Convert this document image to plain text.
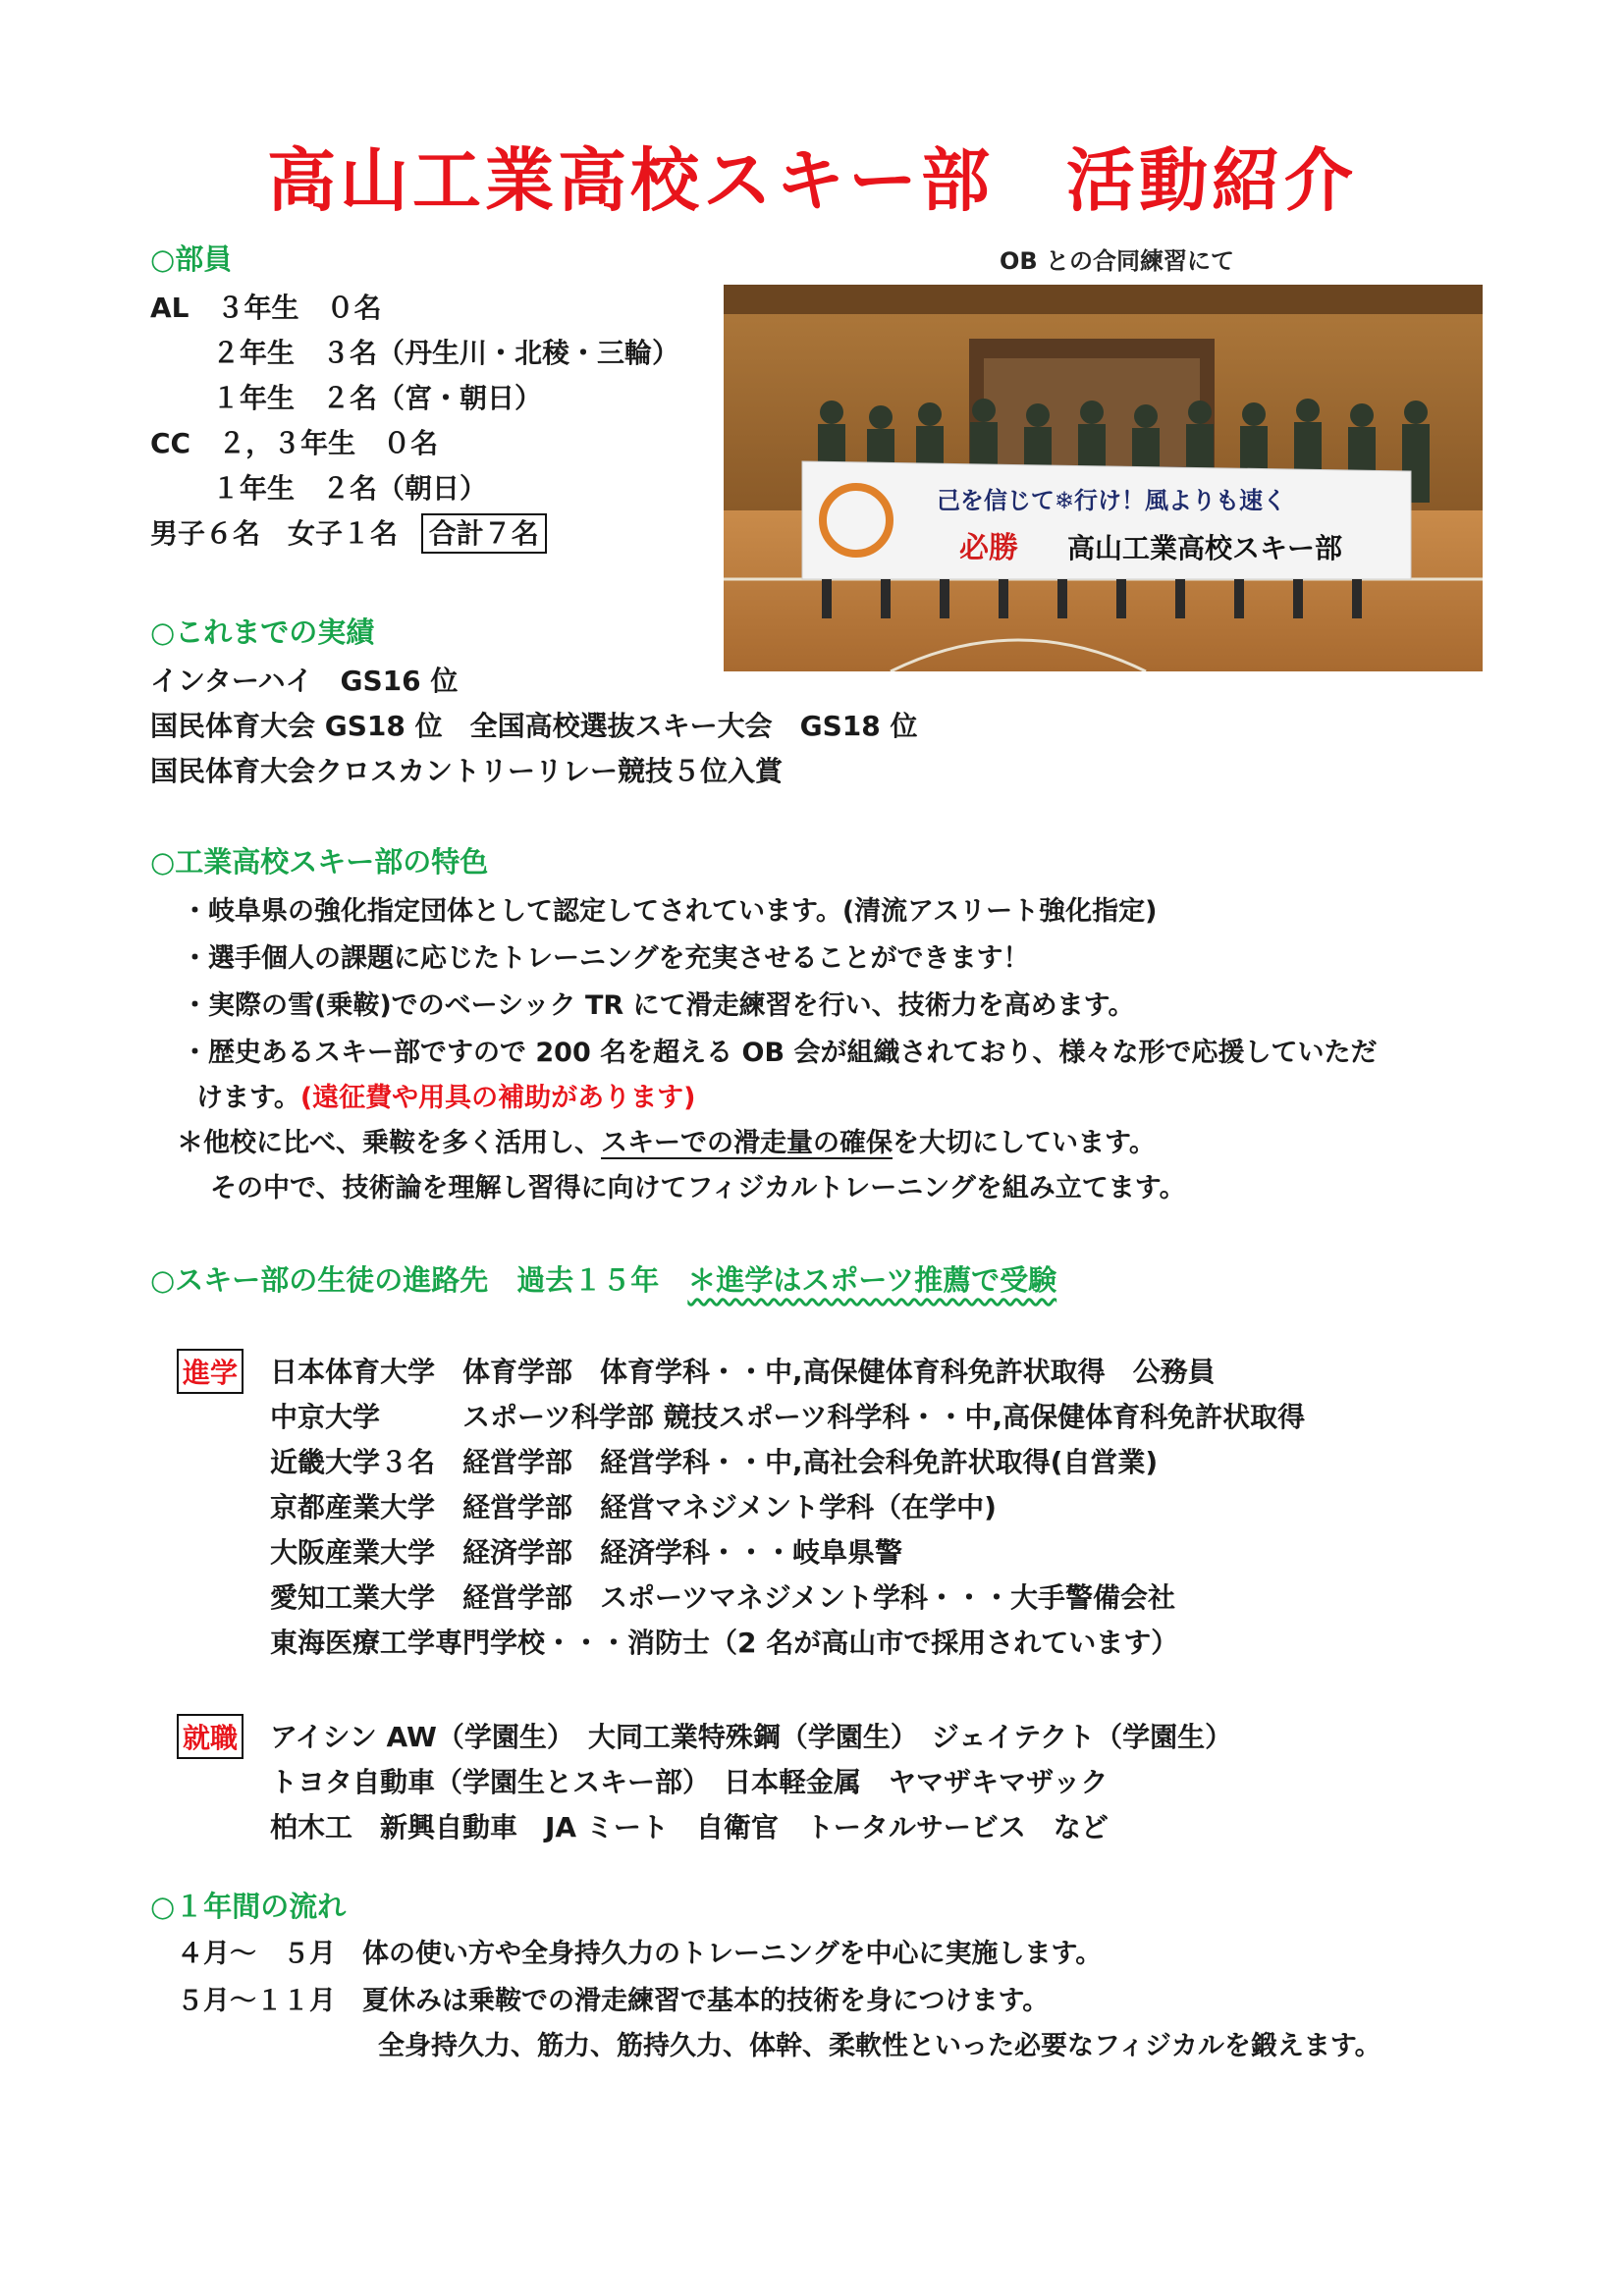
高山工業高校スキー部　活動紹介
○部員
AL　３年生　０名
２年生　３名（丹生川・北稜・三輪）
１年生　２名（宮・朝日）
CC　２，３年生　０名
１年生　２名（朝日）
男子６名　女子１名 合計７名
OB との合同練習にて
己を信じて❄行け！風よりも速く
必勝 高山工業高校スキー部
○これまでの実績
インターハイ　GS16 位
国民体育大会 GS18 位　全国高校選抜スキー大会　GS18 位
国民体育大会クロスカントリーリレー競技５位入賞
○工業高校スキー部の特色
・岐阜県の強化指定団体として認定してされています。(清流アスリート強化指定)
・選手個人の課題に応じたトレーニングを充実させることができます！
・実際の雪(乗鞍)でのベーシック TR にて滑走練習を行い、技術力を高めます。
・歴史あるスキー部ですので 200 名を超える OB 会が組織されており、様々な形で応援していただ
けます。(遠征費や用具の補助があります)
＊他校に比べ、乗鞍を多く活用し、スキーでの滑走量の確保を大切にしています。
その中で、技術論を理解し習得に向けてフィジカルトレーニングを組み立てます。
○スキー部の生徒の進路先　過去１５年　＊進学はスポーツ推薦で受験
進学 日本体育大学　体育学部　体育学科・・中,高保健体育科免許状取得　公務員
中京大学　　　スポーツ科学部 競技スポーツ科学科・・中,高保健体育科免許状取得
近畿大学３名　経営学部　経営学科・・中,高社会科免許状取得(自営業)
京都産業大学　経営学部　経営マネジメント学科（在学中)
大阪産業大学　経済学部　経済学科・・・岐阜県警
愛知工業大学　経営学部　スポーツマネジメント学科・・・大手警備会社
東海医療工学専門学校・・・消防士（2 名が高山市で採用されています）
就職 アイシン AW（学園生）　大同工業特殊鋼（学園生）　ジェイテクト（学園生）
トヨタ自動車（学園生とスキー部）　日本軽金属　ヤマザキマザック
柏木工　新興自動車　JA ミート　自衛官　トータルサービス　など
○１年間の流れ
４月～　５月　体の使い方や全身持久力のトレーニングを中心に実施します。
５月～１１月　夏休みは乗鞍での滑走練習で基本的技術を身につけます。
全身持久力、筋力、筋持久力、体幹、柔軟性といった必要なフィジカルを鍛えます。
